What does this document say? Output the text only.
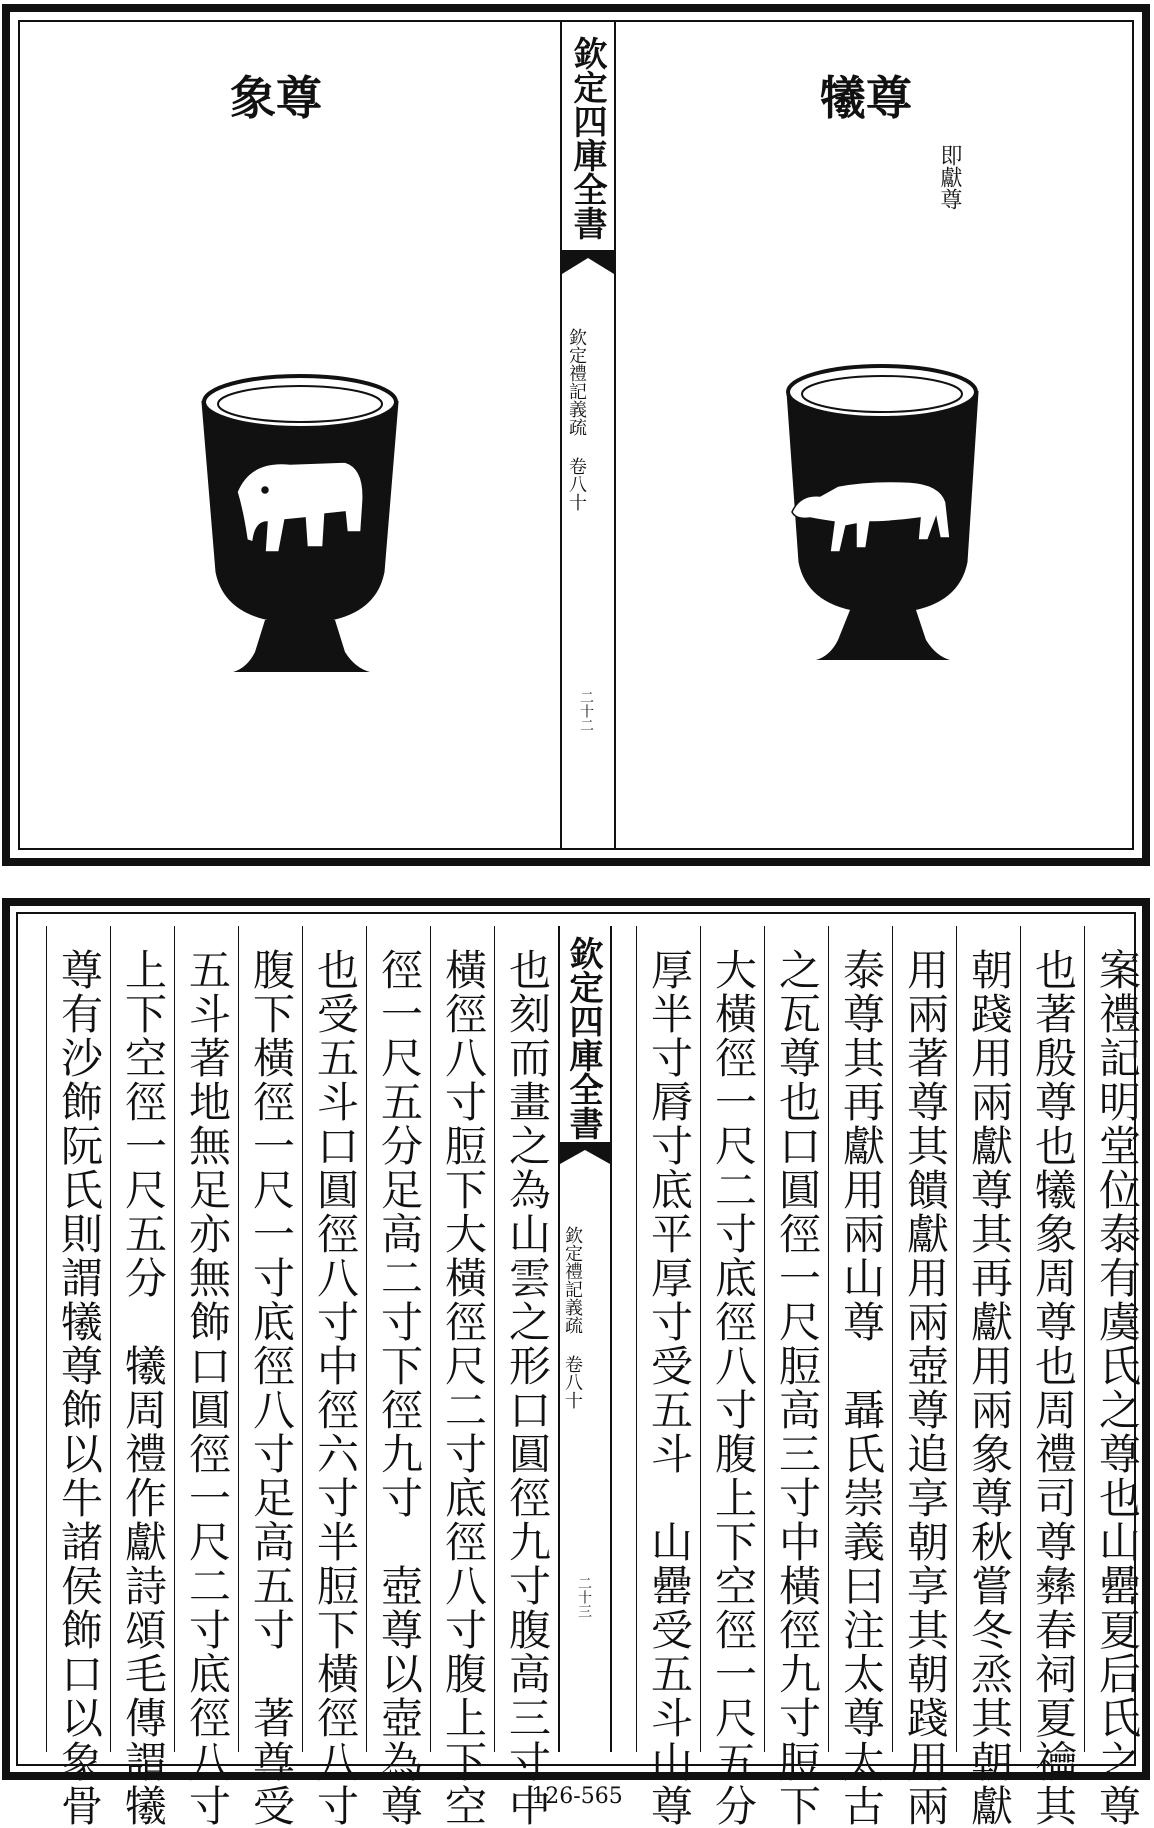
犧尊
即獻尊
象尊	欽定四庫全書
欽定禮記義疏 卷八十
二十二
欽定四庫全書
欽定禮記義疏 卷八十
二十三	案禮記明堂位泰有虞氏之尊也山罍夏后氏之尊
也著殷尊也犧象周尊也周禮司尊彝春祠夏禴其
朝踐用兩獻尊其再獻用兩象尊秋嘗冬烝其朝獻
用兩著尊其饋獻用兩壺尊追享朝享其朝踐用兩
泰尊其再獻用兩山尊　聶氏崇義曰注太尊太古
之瓦尊也口圓徑一尺脰高三寸中橫徑九寸脰下
大橫徑一尺二寸底徑八寸腹上下空徑一尺五分
厚半寸脣寸底平厚寸受五斗　山罍受五斗山尊
也刻而畫之為山雲之形口圓徑九寸腹高三寸中
橫徑八寸脰下大橫徑尺二寸底徑八寸腹上下空
徑一尺五分足高二寸下徑九寸　壺尊以壺為尊
也受五斗口圓徑八寸中徑六寸半脰下橫徑八寸
腹下橫徑一尺一寸底徑八寸足高五寸　著尊受
五斗著地無足亦無飾口圓徑一尺二寸底徑八寸
上下空徑一尺五分　犧周禮作獻詩頌毛傳謂犧
尊有沙飾阮氏則謂犧尊飾以牛諸侯飾口以象骨	126-565
